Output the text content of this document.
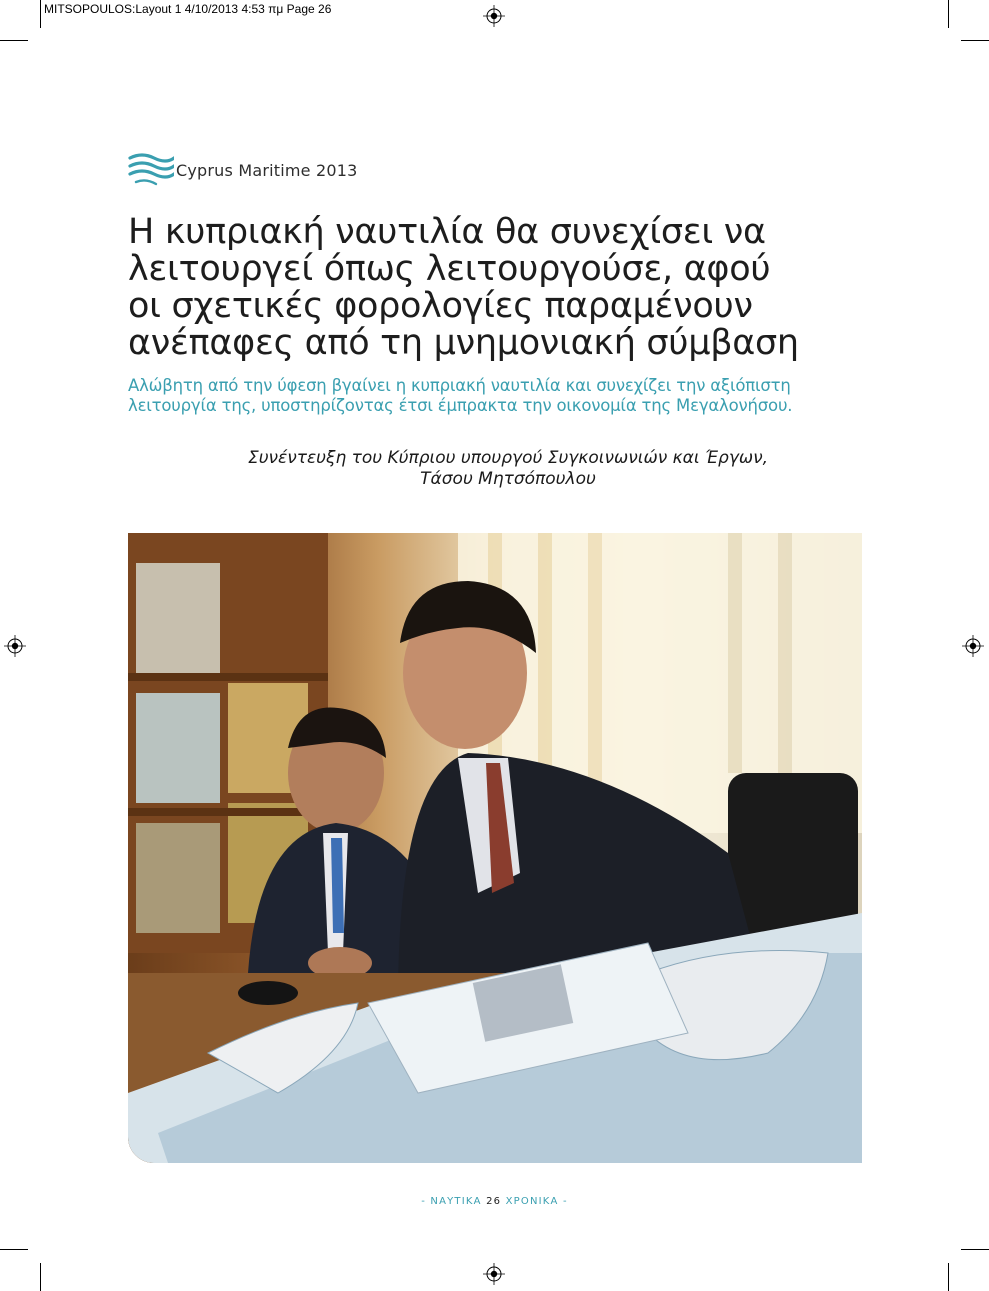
MITSOPOULOS:Layout 1 4/10/2013 4:53 πμ Page 26
Cyprus Maritime 2013
Η κυπριακή ναυτιλία θα συνεχίσει να
λειτουργεί όπως λειτουργούσε, αφού
οι σχετικές φορολογίες παραμένουν
ανέπαφες από τη μνημονιακή σύμβαση
Αλώβητη από την ύφεση βγαίνει η κυπριακή ναυτιλία και συνεχίζει την αξιόπιστη
λειτουργία της, υποστηρίζοντας έτσι έμπρακτα την οικονομία της Μεγαλονήσου.
Συνέντευξη του Κύπριου υπουργού Συγκοινωνιών και Έργων,
Τάσου Μητσόπουλου
- ΝΑΥΤΙΚΑ 26 ΧΡΟΝΙΚΑ -
